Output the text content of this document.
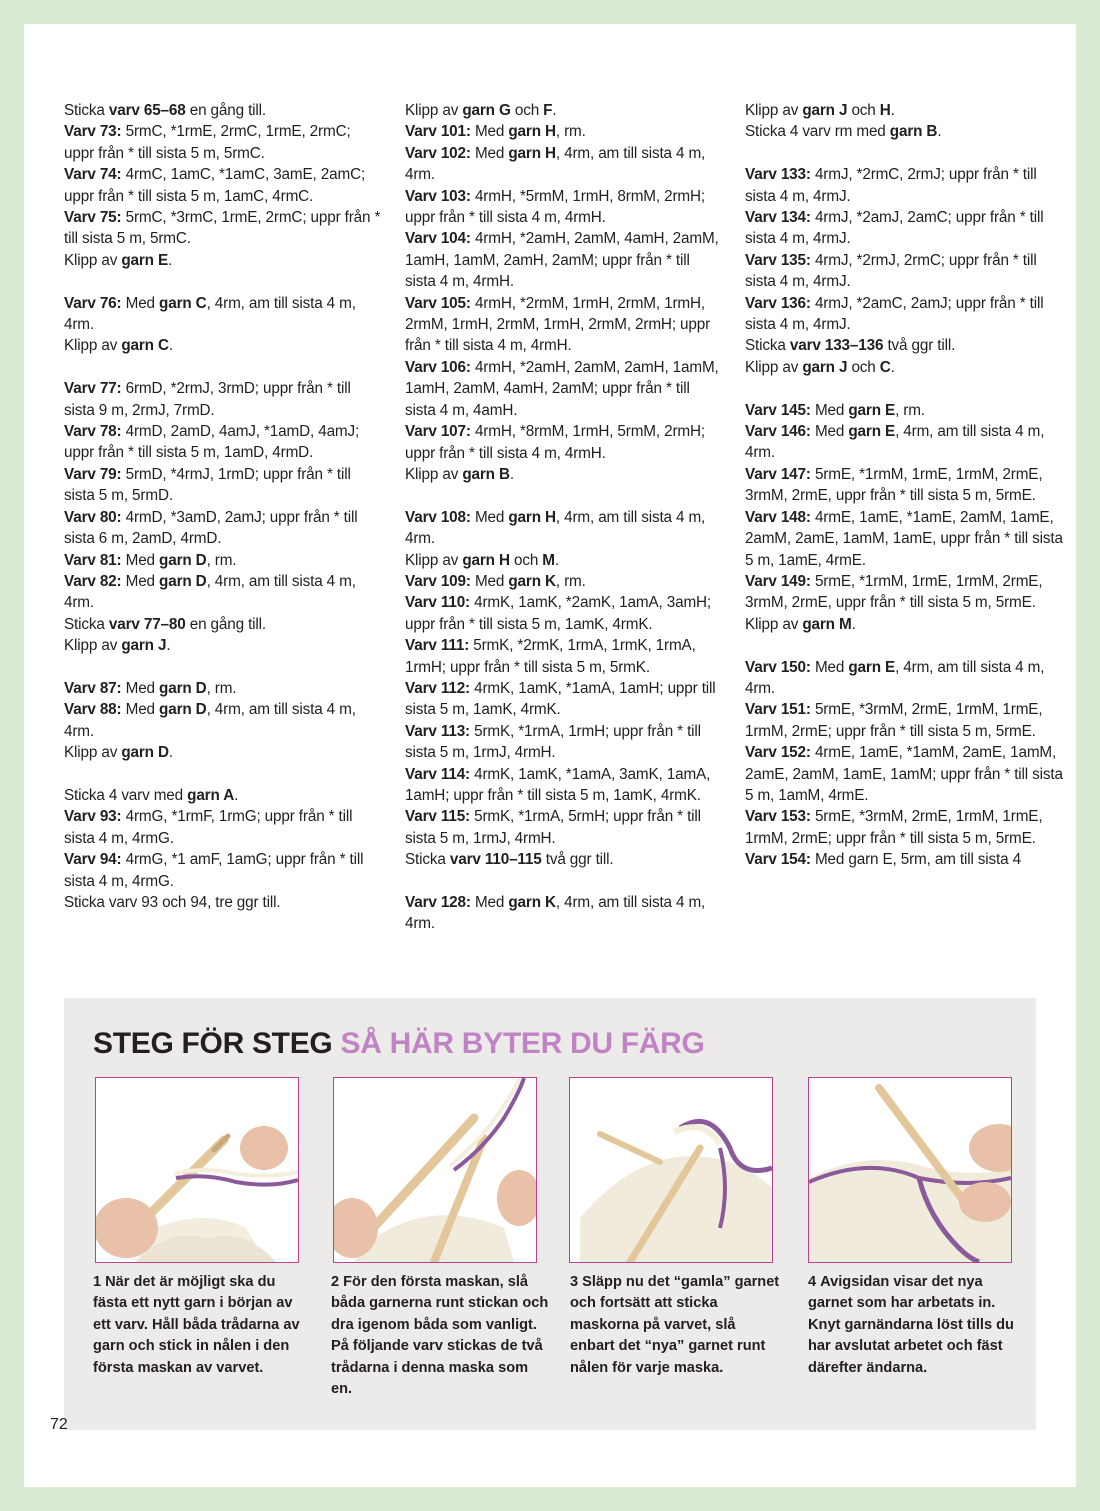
Sticka varv 65–68 en gång till.

Varv 73: 5rmC, *1rmE, 2rmC, 1rmE, 2rmC; uppr från * till sista 5 m, 5rmC.

Varv 74: 4rmC, 1amC, *1amC, 3amE, 2amC; uppr från * till sista 5 m, 1amC, 4rmC.

Varv 75: 5rmC, *3rmC, 1rmE, 2rmC; uppr från * till sista 5 m, 5rmC.

Klipp av garn E.

Varv 76: Med garn C, 4rm, am till sista 4 m, 4rm.

Klipp av garn C.

Varv 77: 6rmD, *2rmJ, 3rmD; uppr från * till sista 9 m, 2rmJ, 7rmD.

Varv 78: 4rmD, 2amD, 4amJ, *1amD, 4amJ; uppr från * till sista 5 m, 1amD, 4rmD.

Varv 79: 5rmD, *4rmJ, 1rmD; uppr från * till sista 5 m, 5rmD.

Varv 80: 4rmD, *3amD, 2amJ; uppr från * till sista 6 m, 2amD, 4rmD.

Varv 81: Med garn D, rm.

Varv 82: Med garn D, 4rm, am till sista 4 m, 4rm.

Sticka varv 77–80 en gång till.

Klipp av garn J.

Varv 87: Med garn D, rm.

Varv 88: Med garn D, 4rm, am till sista 4 m, 4rm.

Klipp av garn D.

Sticka 4 varv med garn A.

Varv 93: 4rmG, *1rmF, 1rmG; uppr från * till sista 4 m, 4rmG.

Varv 94: 4rmG, *1 amF, 1amG; uppr från * till sista 4 m, 4rmG.

Sticka varv 93 och 94, tre ggr till.

Klipp av garn G och F.

Varv 101: Med garn H, rm.

Varv 102: Med garn H, 4rm, am till sista 4 m, 4rm.

Varv 103: 4rmH, *5rmM, 1rmH, 8rmM, 2rmH; uppr från * till sista 4 m, 4rmH.

Varv 104: 4rmH, *2amH, 2amM, 4amH, 2amM, 1amH, 1amM, 2amH, 2amM; uppr från * till sista 4 m, 4rmH.

Varv 105: 4rmH, *2rmM, 1rmH, 2rmM, 1rmH, 2rmM, 1rmH, 2rmM, 1rmH, 2rmM, 2rmH; uppr från * till sista 4 m, 4rmH.

Varv 106: 4rmH, *2amH, 2amM, 2amH, 1amM, 1amH, 2amM, 4amH, 2amM; uppr från * till sista 4 m, 4amH.

Varv 107: 4rmH, *8rmM, 1rmH, 5rmM, 2rmH; uppr från * till sista 4 m, 4rmH.

Klipp av garn B.

Varv 108: Med garn H, 4rm, am till sista 4 m, 4rm.

Klipp av garn H och M.

Varv 109: Med garn K, rm.

Varv 110: 4rmK, 1amK, *2amK, 1amA, 3amH; uppr från * till sista 5 m, 1amK, 4rmK.

Varv 111: 5rmK, *2rmK, 1rmA, 1rmK, 1rmA, 1rmH; uppr från * till sista 5 m, 5rmK.

Varv 112: 4rmK, 1amK, *1amA, 1amH; uppr till sista 5 m, 1amK, 4rmK.

Varv 113: 5rmK, *1rmA, 1rmH; uppr från * till sista 5 m, 1rmJ, 4rmH.

Varv 114: 4rmK, 1amK, *1amA, 3amK, 1amA, 1amH; uppr från * till sista 5 m, 1amK, 4rmK.

Varv 115: 5rmK, *1rmA, 5rmH; uppr från * till sista 5 m, 1rmJ, 4rmH.

Sticka varv 110–115 två ggr till.

Varv 128: Med garn K, 4rm, am till sista 4 m, 4rm.

Klipp av garn J och H.

Sticka 4 varv rm med garn B.

Varv 133: 4rmJ, *2rmC, 2rmJ; uppr från * till sista 4 m, 4rmJ.

Varv 134: 4rmJ, *2amJ, 2amC; uppr från * till sista 4 m, 4rmJ.

Varv 135: 4rmJ, *2rmJ, 2rmC; uppr från * till sista 4 m, 4rmJ.

Varv 136: 4rmJ, *2amC, 2amJ; uppr från * till sista 4 m, 4rmJ.

Sticka varv 133–136 två ggr till.

Klipp av garn J och C.

Varv 145: Med garn E, rm.

Varv 146: Med garn E, 4rm, am till sista 4 m, 4rm.

Varv 147: 5rmE, *1rmM, 1rmE, 1rmM, 2rmE, 3rmM, 2rmE, uppr från * till sista 5 m, 5rmE.

Varv 148: 4rmE, 1amE, *1amE, 2amM, 1amE, 2amM, 2amE, 1amM, 1amE, uppr från * till sista 5 m, 1amE, 4rmE.

Varv 149: 5rmE, *1rmM, 1rmE, 1rmM, 2rmE, 3rmM, 2rmE, uppr från * till sista 5 m, 5rmE.

Klipp av garn M.

Varv 150: Med garn E, 4rm, am till sista 4 m, 4rm.

Varv 151: 5rmE, *3rmM, 2rmE, 1rmM, 1rmE, 1rmM, 2rmE; uppr från * till sista 5 m, 5rmE.

Varv 152: 4rmE, 1amE, *1amM, 2amE, 1amM, 2amE, 2amM, 1amE, 1amM; uppr från * till sista 5 m, 1amM, 4rmE.

Varv 153: 5rmE, *3rmM, 2rmE, 1rmM, 1rmE, 1rmM, 2rmE; uppr från * till sista 5 m, 5rmE.

Varv 154: Med garn E, 5rm, am till sista 4

STEG FÖR STEG SÅ HÄR BYTER DU FÄRG
1 När det är möjligt ska du fästa ett nytt garn i början av ett varv. Håll båda trådarna av garn och stick in nålen i den första maskan av varvet.
2 För den första maskan, slå båda garnerna runt stickan och dra igenom båda som vanligt. På följande varv stickas de två trådarna i denna maska som en.
3 Släpp nu det “gamla” garnet och fortsätt att sticka maskorna på varvet, slå enbart det “nya” garnet runt nålen för varje maska.
4 Avigsidan visar det nya garnet som har arbetats in. Knyt garnändarna löst tills du har avslutat arbetet och fäst därefter ändarna.
72
